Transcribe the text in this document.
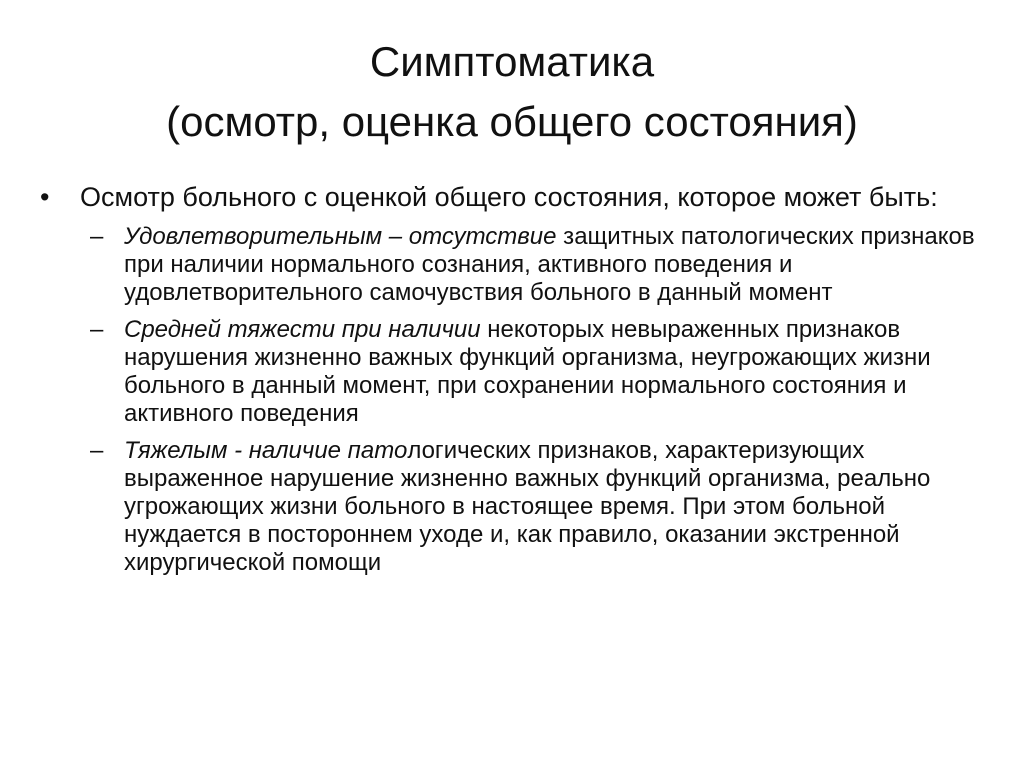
Симптоматика
(осмотр, оценка общего состояния)
•	Осмотр больного с оценкой общего состояния, которое может быть:
– Удовлетворительным – отсутствие защитных патологических признаков при наличии нормального сознания, активного поведения и удовлетворительного самочувствия больного в данный момент
– Средней тяжести при наличии некоторых невыраженных признаков нарушения жизненно важных функций организма, неугрожающих жизни больного в данный момент, при сохранении нормального состояния и активного поведения
– Тяжелым - наличие патологических признаков, характеризующих выраженное нарушение жизненно важных функций организма, реально угрожающих жизни больного в настоящее время. При этом больной нуждается в постороннем уходе и, как правило, оказании экстренной хирургической помощи
